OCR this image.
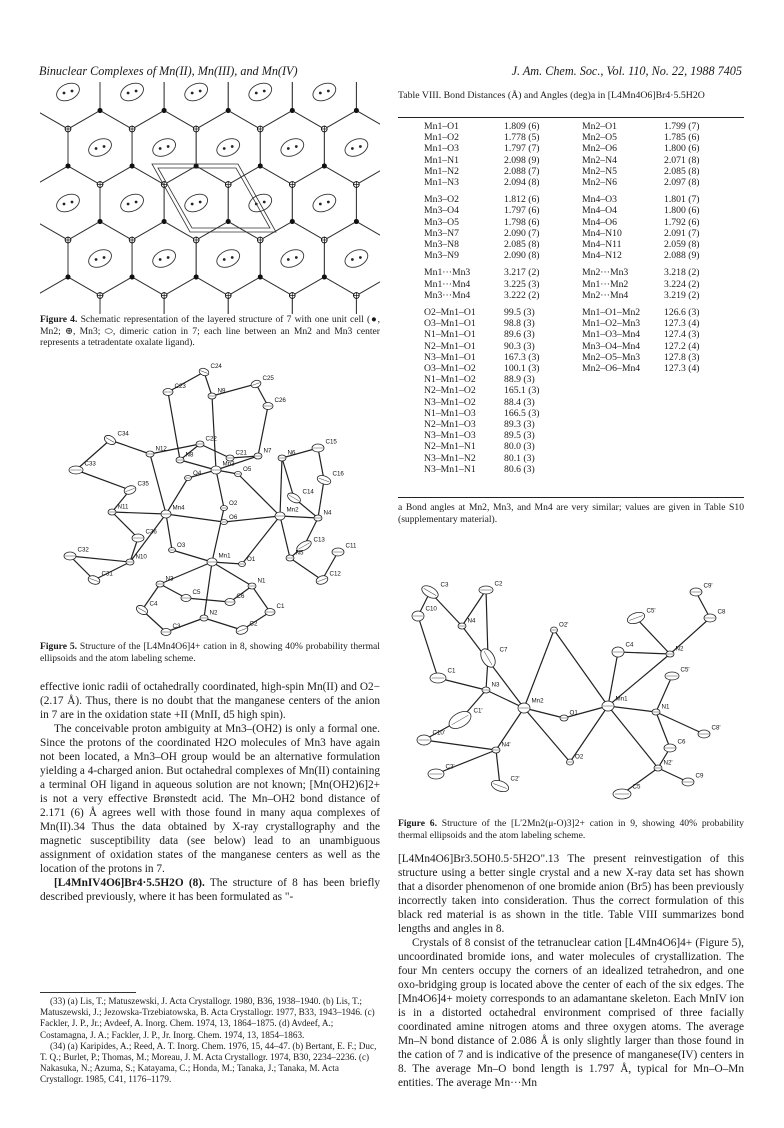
Binuclear Complexes of Mn(II), Mn(III), and Mn(IV)	J. Am. Chem. Soc., Vol. 110, No. 22, 1988 7405
Figure 4. Schematic representation of the layered structure of 7 with one unit cell (●, Mn2; ⊕, Mn3; ⬭, dimeric cation in 7; each line between an Mn2 and Mn3 center represents a tetradentate oxalate ligand).
C24
N9
C25
C23
C26
C34
N12
N8
C22
C21	N7	N6
C15
C33
O4
Mn3
O5
C16
C35
C14
N11	Mn4
O2
Mn2	N4
C36
O6
C13
C32
O3	C11
N10	Mn1	N5
C31
O1
C12
N3	N1
C5
C6
C4
N2
C1
C3	C2
Figure 5. Structure of the [L4Mn4O6]4+ cation in 8, showing 40% probability thermal ellipsoids and the atom labeling scheme.

effective ionic radii of octahedrally coordinated, high-spin Mn(II) and O2− (2.17 Å). Thus, there is no doubt that the manganese centers of the anion in 7 are in the oxidation state +II (MnII, d5 high spin).

The conceivable proton ambiguity at Mn3–(OH2) is only a formal one. Since the protons of the coordinated H2O molecules of Mn3 have again not been located, a Mn3–OH group would be an alternative formulation yielding a 4-charged anion. But octahedral complexes of Mn(II) containing a terminal OH ligand in aqueous solution are not known; [Mn(OH2)6]2+ is not a very effective Brønstedt acid. The Mn–OH2 bond distance of 2.171 (6) Å agrees well with those found in many aqua complexes of Mn(II).34 Thus the data obtained by X-ray crystallography and the magnetic susceptibility data (see below) lead to an unambiguous assignment of oxidation states of the manganese centers as well as the location of the protons in 7.

[L4MnIV4O6]Br4·5.5H2O (8). The structure of 8 has been briefly described previously, where it has been formulated as "-

(33) (a) Lis, T.; Matuszewski, J. Acta Crystallogr. 1980, B36, 1938–1940. (b) Lis, T.; Matuszewski, J.; Jezowska-Trzebiatowska, B. Acta Crystallogr. 1977, B33, 1943–1946. (c) Fackler, J. P., Jr.; Avdeef, A. Inorg. Chem. 1974, 13, 1864–1875. (d) Avdeef, A.; Costamagna, J. A.; Fackler, J. P., Jr. Inorg. Chem. 1974, 13, 1854–1863.
(34) (a) Karipides, A.; Reed, A. T. Inorg. Chem. 1976, 15, 44–47. (b) Bertant, E. F.; Duc, T. Q.; Burlet, P.; Thomas, M.; Moreau, J. M. Acta Crystallogr. 1974, B30, 2234–2236. (c) Nakasuka, N.; Azuma, S.; Katayama, C.; Honda, M.; Tanaka, J.; Tanaka, M. Acta Crystallogr. 1985, C41, 1176–1179.
Table VIII. Bond Distances (Å) and Angles (deg)a in [L4Mn4O6]Br4·5.5H2O
Mn1–O1	1.809 (6)	Mn2–O1	1.799 (7)
Mn1–O2	1.778 (5)	Mn2–O5	1.785 (6)
Mn1–O3	1.797 (7)	Mn2–O6	1.800 (6)
Mn1–N1	2.098 (9)	Mn2–N4	2.071 (8)
Mn1–N2	2.088 (7)	Mn2–N5	2.085 (8)
Mn1–N3	2.094 (8)	Mn2–N6	2.097 (8)

Mn3–O2	1.812 (6)	Mn4–O3	1.801 (7)
Mn3–O4	1.797 (6)	Mn4–O4	1.800 (6)
Mn3–O5	1.798 (6)	Mn4–O6	1.792 (6)
Mn3–N7	2.090 (7)	Mn4–N10	2.091 (7)
Mn3–N8	2.085 (8)	Mn4–N11	2.059 (8)
Mn3–N9	2.090 (8)	Mn4–N12	2.088 (9)

Mn1···Mn3	3.217 (2)	Mn2···Mn3	3.218 (2)
Mn1···Mn4	3.225 (3)	Mn1···Mn2	3.224 (2)
Mn3···Mn4	3.222 (2)	Mn2···Mn4	3.219 (2)

O2–Mn1–O1	99.5 (3)	Mn1–O1–Mn2	126.6 (3)
O3–Mn1–O1	98.8 (3)	Mn1–O2–Mn3	127.3 (4)
N1–Mn1–O1	89.6 (3)	Mn1–O3–Mn4	127.4 (3)
N2–Mn1–O1	90.3 (3)	Mn3–O4–Mn4	127.2 (4)
N3–Mn1–O1	167.3 (3)	Mn2–O5–Mn3	127.8 (3)
O3–Mn1–O2	100.1 (3)	Mn2–O6–Mn4	127.3 (4)
N1–Mn1–O2	88.9 (3)		
N2–Mn1–O2	165.1 (3)		
N3–Mn1–O2	88.4 (3)		
N1–Mn1–O3	166.5 (3)		
N2–Mn1–O3	89.3 (3)		
N3–Mn1–O3	89.5 (3)		
N2–Mn1–N1	80.0 (3)		
N3–Mn1–N2	80.1 (3)		
N3–Mn1–N1	80.6 (3)		
a Bond angles at Mn2, Mn3, and Mn4 are very similar; values are given in Table S10 (supplementary material).
C3	C2	C9'
C10
N4
O2'
C5'	C8
C7
C4
N2
C1
N3
Mn2	Mn1
C5'
N1
O1
C1'
C10'
C6
C8'
N4'
O2
N2'
C3'
C9
C2'
C5
Figure 6. Structure of the [L′2Mn2(μ-O)3]2+ cation in 9, showing 40% probability thermal ellipsoids and the atom labeling scheme.

[L4Mn4O6]Br3.5OH0.5·5H2O".13 The present reinvestigation of this structure using a better single crystal and a new X-ray data set has shown that a disorder phenomenon of one bromide anion (Br5) has been previously incorrectly taken into consideration. Thus the correct formulation of this black red material is as shown in the title. Table VIII summarizes bond lengths and angles in 8.

Crystals of 8 consist of the tetranuclear cation [L4Mn4O6]4+ (Figure 5), uncoordinated bromide ions, and water molecules of crystallization. The four Mn centers occupy the corners of an idealized tetrahedron, and one oxo-bridging group is located above the center of each of the six edges. The [Mn4O6]4+ moiety corresponds to an adamantane skeleton. Each MnIV ion is in a distorted octahedral environment comprised of three facially coordinated amine nitrogen atoms and three oxygen atoms. The average Mn–N bond distance of 2.086 Å is only slightly larger than those found in the cation of 7 and is indicative of the presence of manganese(IV) centers in 8. The average Mn–O bond length is 1.797 Å, typical for Mn–O–Mn entities. The average Mn···Mn
